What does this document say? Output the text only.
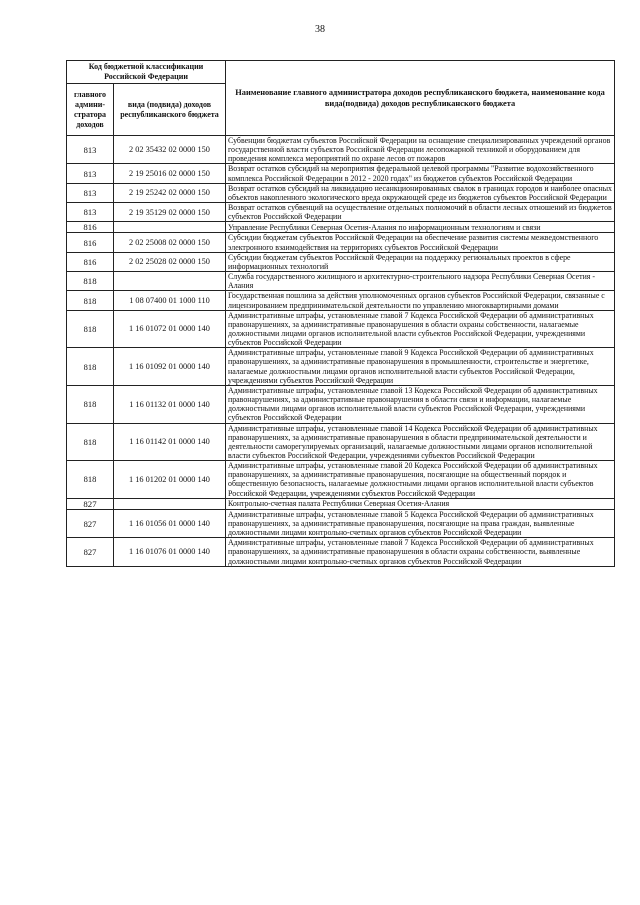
38
Код бюджетной классификации Российской Федерации		Наименование главного администратора доходов республиканского бюджета, наименование кода вида(подвида) доходов республиканского бюджета
главного админи-стратора доходов	вида (подвида) доходов республиканского бюджета	
813	2 02 35432 02 0000 150	Субвенции бюджетам субъектов Российской Федерации на оснащение специализированных учреждений органов государственной власти субъектов Российской Федерации лесопожарной техникой и оборудованием для проведения комплекса мероприятий по охране лесов от пожаров
813	2 19 25016 02 0000 150	Возврат остатков субсидий на мероприятия федеральной целевой программы "Развитие водохозяйственного комплекса Российской Федерации в 2012 - 2020 годах" из бюджетов субъектов Российской Федерации
813	2 19 25242 02 0000 150	Возврат остатков субсидий на ликвидацию несанкционированных свалок в границах городов и наиболее опасных объектов накопленного экологического вреда окружающей среде из бюджетов субъектов Российской Федерации
813	2 19 35129 02 0000 150	Возврат остатков субвенций на осуществление отдельных полномочий в области лесных отношений из бюджетов субъектов Российской Федерации
816		Управление Республики Северная Осетия-Алания по информационным технологиям и связи
816	2 02 25008 02 0000 150	Субсидии бюджетам субъектов Российской Федерации на обеспечение развития системы межведомственного электронного взаимодействия на территориях субъектов Российской Федерации
816	2 02 25028 02 0000 150	Субсидии бюджетам субъектов Российской Федерации на поддержку региональных проектов в сфере информационных технологий
818		Служба государственного жилищного и архитектурно-строительного надзора Республики Северная Осетия - Алания
818	1 08 07400 01 1000 110	Государственная пошлина за действия уполномоченных органов субъектов Российской Федерации, связанные с лицензированием предпринимательской деятельности по управлению многоквартирными домами
818	1 16 01072 01 0000 140	Административные штрафы, установленные главой 7 Кодекса Российской Федерации об административных правонарушениях, за административные правонарушения в области охраны собственности, налагаемые должностными лицами органов исполнительной власти субъектов Российской Федерации, учреждениями субъектов Российской Федерации
818	1 16 01092 01 0000 140	Административные штрафы, установленные главой 9 Кодекса Российской Федерации об административных правонарушениях, за административные правонарушения в промышленности, строительстве и энергетике, налагаемые должностными лицами органов исполнительной власти субъектов Российской Федерации, учреждениями субъектов Российской Федерации
818	1 16 01132 01 0000 140	Административные штрафы, установленные главой 13 Кодекса Российской Федерации об административных правонарушениях, за административные правонарушения в области связи и информации, налагаемые должностными лицами органов исполнительной власти субъектов Российской Федерации, учреждениями субъектов Российской Федерации
818	1 16 01142 01 0000 140	Административные штрафы, установленные главой 14 Кодекса Российской Федерации об административных правонарушениях, за административные правонарушения в области предпринимательской деятельности и деятельности саморегулируемых организаций, налагаемые должностными лицами органов исполнительной власти субъектов Российской Федерации, учреждениями субъектов Российской Федерации
818	1 16 01202 01 0000 140	Административные штрафы, установленные главой 20 Кодекса Российской Федерации об административных правонарушениях, за административные правонарушения, посягающие на общественный порядок и общественную безопасность, налагаемые должностными лицами органов исполнительной власти субъектов Российской Федерации, учреждениями субъектов Российской Федерации
827		Контрольно-счетная палата Республики Северная Осетия-Алания
827	1 16 01056 01 0000 140	Административные штрафы, установленные главой 5 Кодекса Российской Федерации об административных правонарушениях, за административные правонарушения, посягающие на права граждан, выявленные должностными лицами контрольно-счетных органов субъектов Российской Федерации
827	1 16 01076 01 0000 140	Административные штрафы, установленные главой 7 Кодекса Российской Федерации об административных правонарушениях, за административные правонарушения в области охраны собственности, выявленные должностными лицами контрольно-счетных органов субъектов Российской Федерации
